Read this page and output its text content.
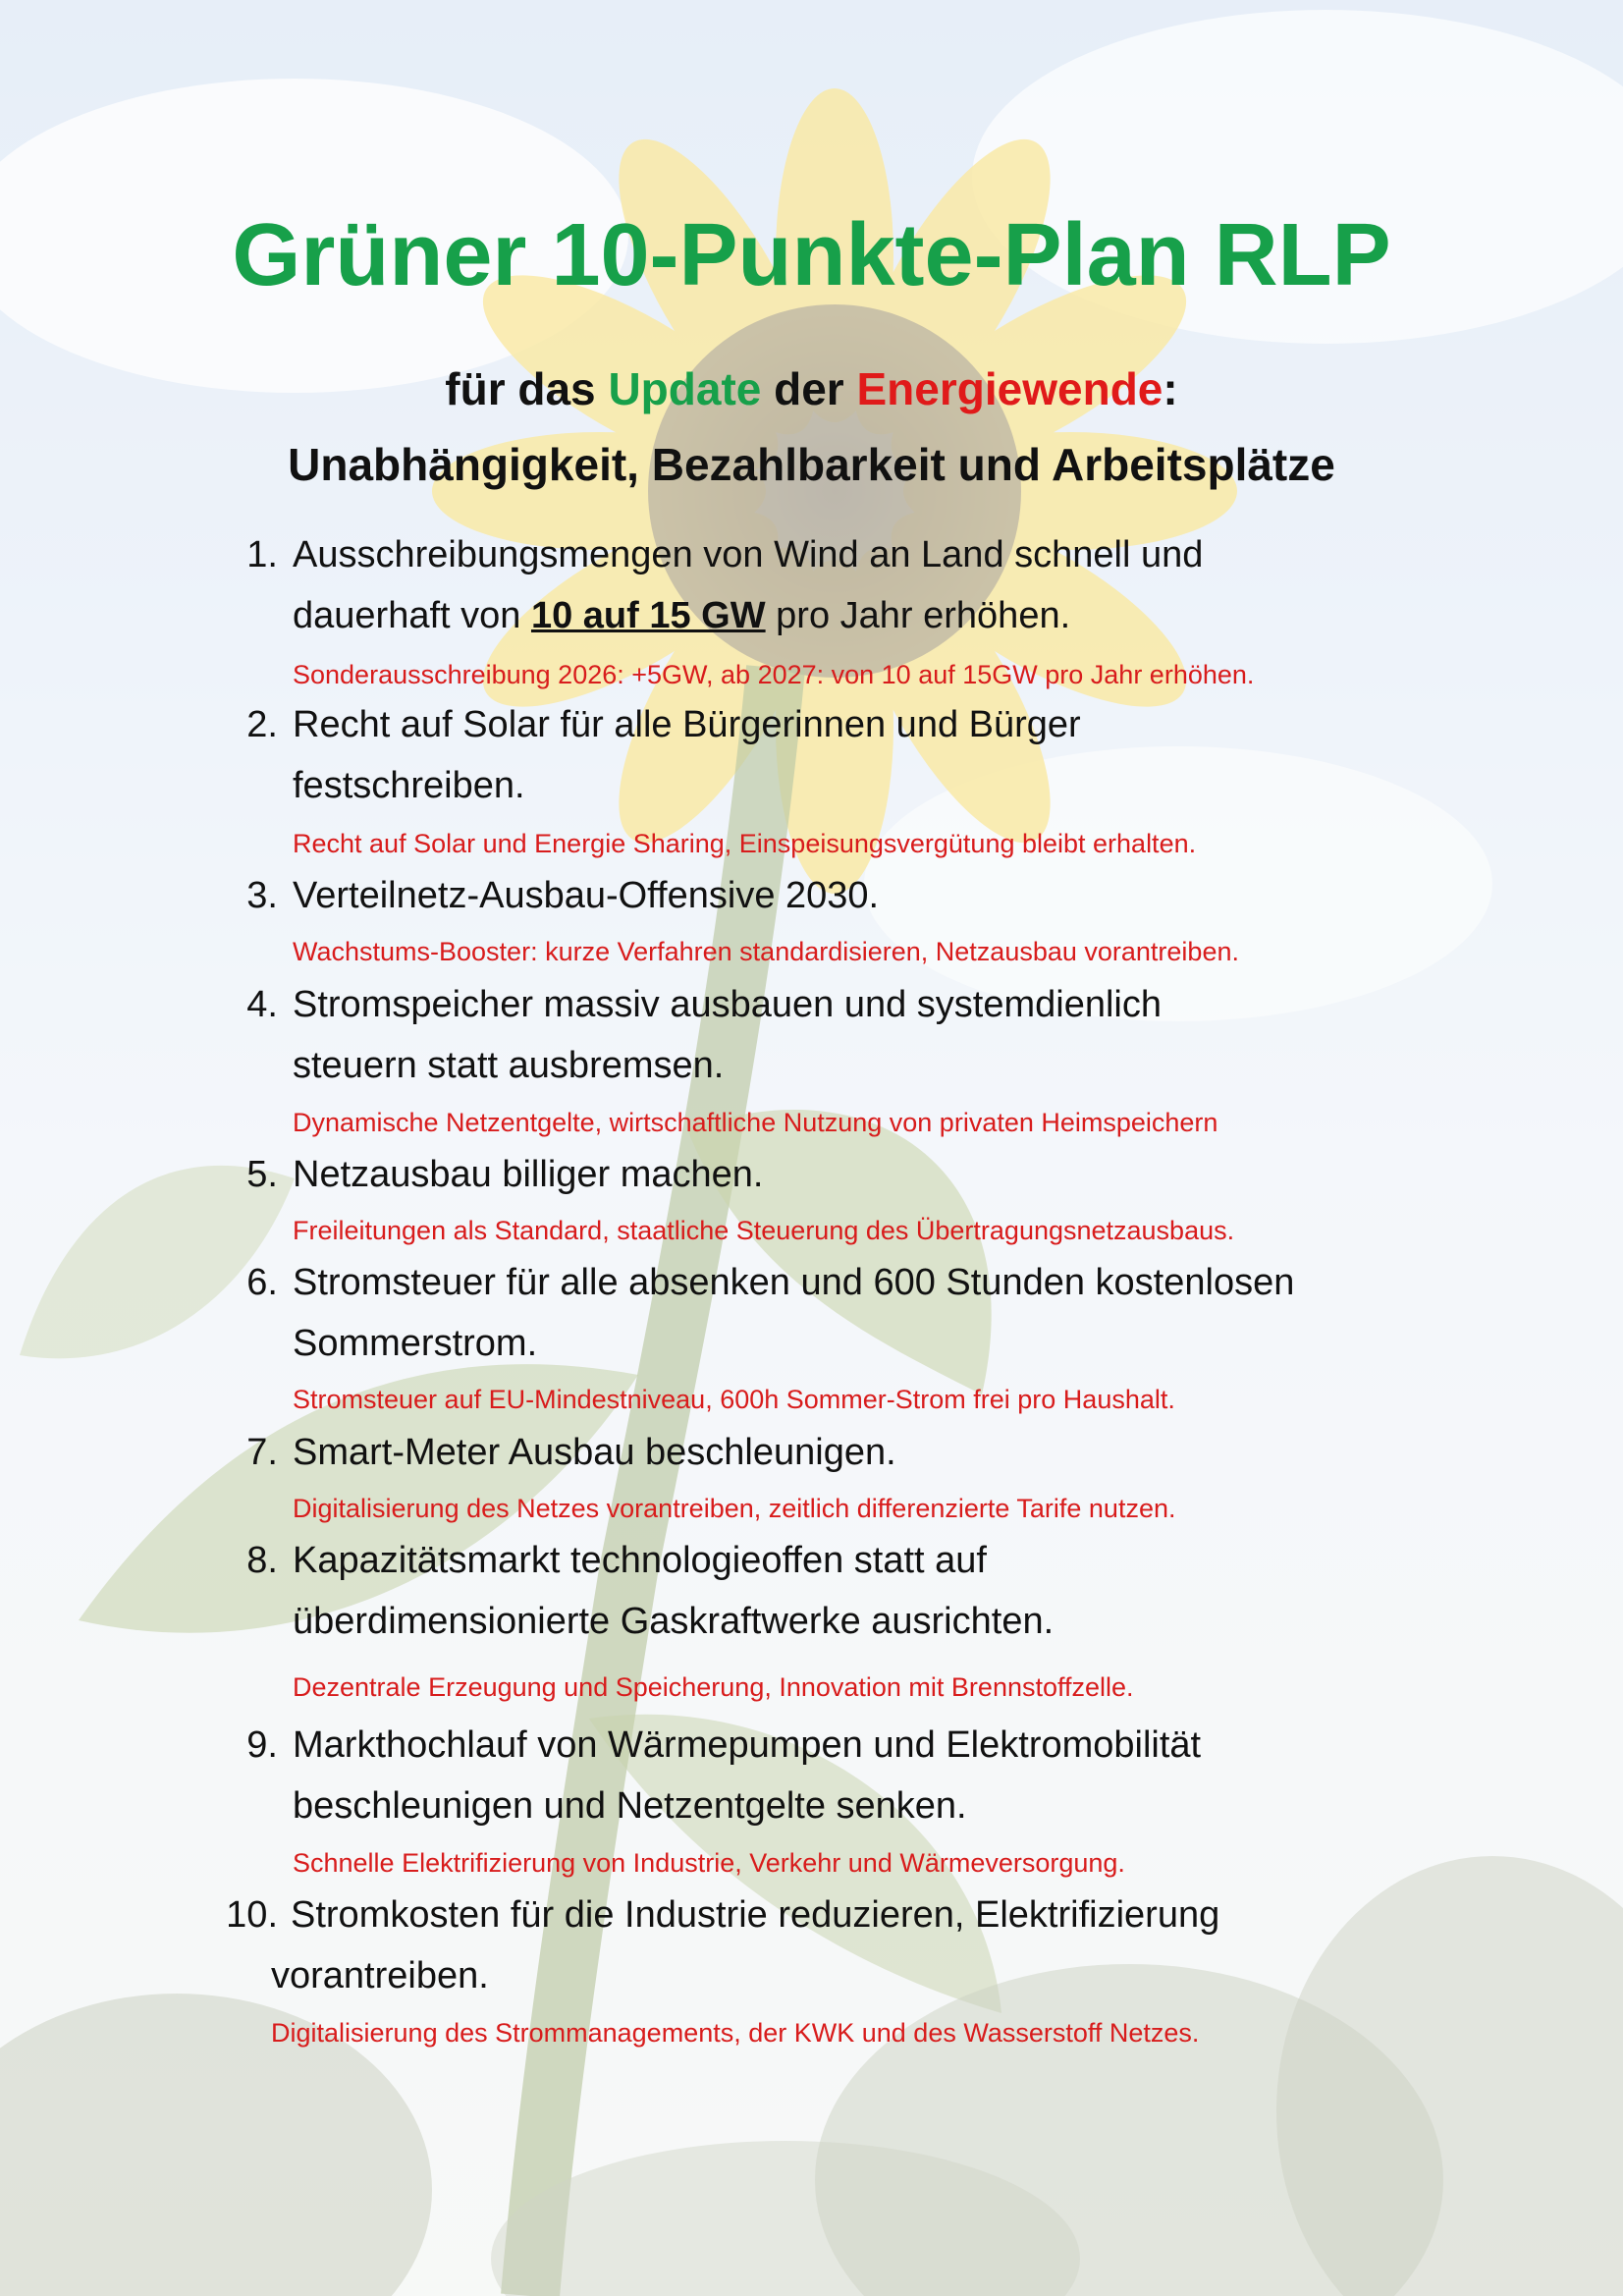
Grüner 10-Punkte-Plan RLP

für das Update der Energiewende:

Unabhängigkeit, Bezahlbarkeit und Arbeitsplätze

1. Ausschreibungsmengen von Wind an Land schnell und
dauerhaft von 10 auf 15 GW pro Jahr erhöhen.
Sonderausschreibung 2026: +5GW, ab 2027: von 10 auf 15GW pro Jahr erhöhen.
2. Recht auf Solar für alle Bürgerinnen und Bürger
festschreiben.
Recht auf Solar und Energie Sharing, Einspeisungsvergütung bleibt erhalten.
3. Verteilnetz-Ausbau-Offensive 2030.
Wachstums-Booster: kurze Verfahren standardisieren, Netzausbau vorantreiben.
4. Stromspeicher massiv ausbauen und systemdienlich
steuern statt ausbremsen.
Dynamische Netzentgelte, wirtschaftliche Nutzung von privaten Heimspeichern
5. Netzausbau billiger machen.
Freileitungen als Standard, staatliche Steuerung des Übertragungsnetzausbaus.
6. Stromsteuer für alle absenken und 600 Stunden kostenlosen
Sommerstrom.
Stromsteuer auf EU-Mindestniveau, 600h Sommer-Strom frei pro Haushalt.
7. Smart-Meter Ausbau beschleunigen.
Digitalisierung des Netzes vorantreiben, zeitlich differenzierte Tarife nutzen.
8. Kapazitätsmarkt technologieoffen statt auf
überdimensionierte Gaskraftwerke ausrichten.
Dezentrale Erzeugung und Speicherung, Innovation mit Brennstoffzelle.
9. Markthochlauf von Wärmepumpen und Elektromobilität
beschleunigen und Netzentgelte senken.
Schnelle Elektrifizierung von Industrie, Verkehr und Wärmeversorgung.
10. Stromkosten für die Industrie reduzieren, Elektrifizierung
vorantreiben.
Digitalisierung des Strommanagements, der KWK und des Wasserstoff Netzes.
